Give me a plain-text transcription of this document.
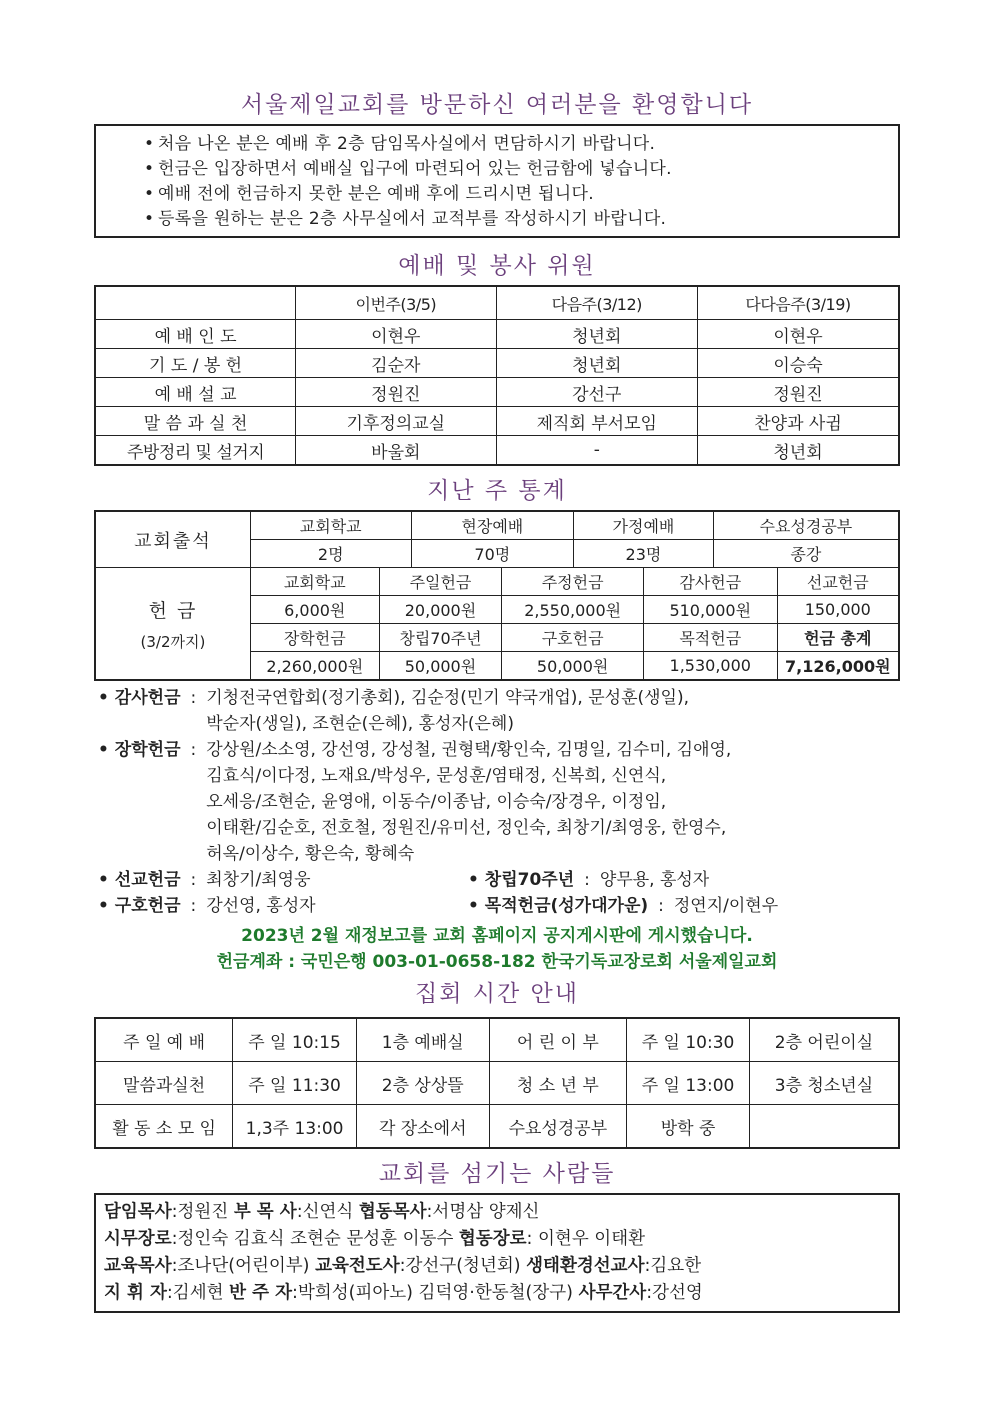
서울제일교회를 방문하신 여러분을 환영합니다
• 처음 나온 분은 예배 후 2층 담임목사실에서 면담하시기 바랍니다.
• 헌금은 입장하면서 예배실 입구에 마련되어 있는 헌금함에 넣습니다.
• 예배 전에 헌금하지 못한 분은 예배 후에 드리시면 됩니다.
• 등록을 원하는 분은 2층 사무실에서 교적부를 작성하시기 바랍니다.
예배 및 봉사 위원
	이번주(3/5)	다음주(3/12)	다다음주(3/19)
예 배 인 도	이현우	청년회	이현우
기 도 / 봉 헌	김순자	청년회	이승숙
예 배 설 교	정원진	강선구	정원진
말 씀 과 실 천	기후정의교실	제직회 부서모임	찬양과 사귐
주방정리 및 설거지	바울회	-	청년회
지난 주 통계
교회출석	교회학교		현장예배		가정예배		수요성경공부	
	2명		70명		23명		종강	

헌 금
(3/2까지)	교회학교	주일헌금		주정헌금		감사헌금		선교헌금
	6,000원	20,000원		2,550,000원		510,000원		150,000
	장학헌금	창립70주년		구호헌금		목적헌금		헌금 총계
	2,260,000원	50,000원		50,000원		1,530,000		7,126,000원
• 감사헌금 : 기청전국연합회(정기총회), 김순정(민기 약국개업), 문성훈(생일),
박순자(생일), 조현순(은혜), 홍성자(은혜)
• 장학헌금 : 강상원/소소영, 강선영, 강성철, 권형택/황인숙, 김명일, 김수미, 김애영,
김효식/이다정, 노재요/박성우, 문성훈/염태정, 신복희, 신연식,
오세응/조현순, 윤영애, 이동수/이종남, 이승숙/장경우, 이정임,
이태환/김순호, 전호철, 정원진/유미선, 정인숙, 최창기/최영웅, 한영수,
허옥/이상수, 황은숙, 황혜숙
• 선교헌금 : 최창기/최영웅	• 창립70주년 : 양무용, 홍성자
• 구호헌금 : 강선영, 홍성자	• 목적헌금(성가대가운) : 정연지/이현우
2023년 2월 재정보고를 교회 홈페이지 공지게시판에 게시했습니다.
헌금계좌 : 국민은행 003-01-0658-182 한국기독교장로회 서울제일교회
집회 시간 안내
주 일 예 배	주 일 10:15	1층 예배실	어 린 이 부	주 일 10:30	2층 어린이실
말씀과실천	주 일 11:30	2층 상상뜰	청 소 년 부	주 일 13:00	3층 청소년실
활 동 소 모 임	1,3주 13:00	각 장소에서	수요성경공부	방학 중	
교회를 섬기는 사람들
담임목사:정원진 부 목 사:신연식 협동목사:서명삼 양제신
시무장로:정인숙 김효식 조현순 문성훈 이동수 협동장로: 이현우 이태환
교육목사:조나단(어린이부) 교육전도사:강선구(청년회) 생태환경선교사:김요한
지 휘 자:김세현 반 주 자:박희성(피아노) 김덕영·한동철(장구) 사무간사:강선영
